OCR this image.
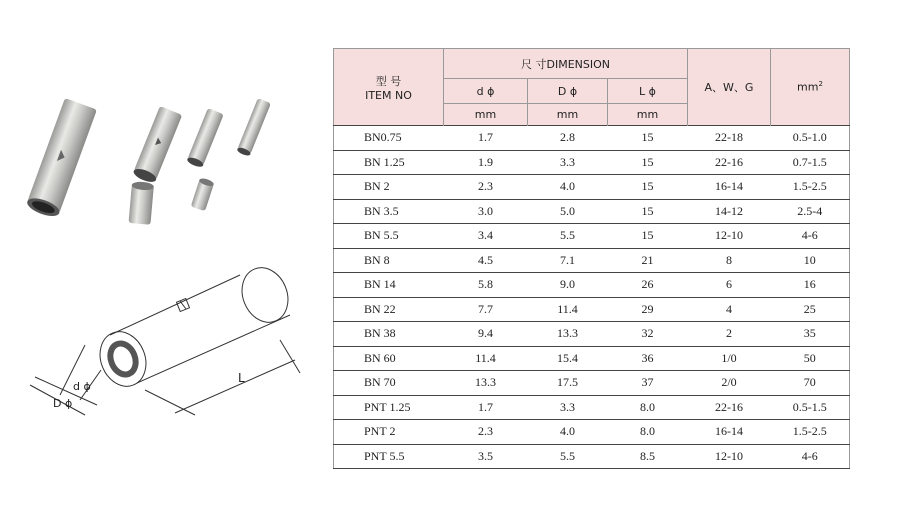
d ϕ
D ϕ
L
型 号
ITEM NO	尺 寸DIMENSION			A、W、G	$mm^2$
	d ϕ	D ϕ	L ϕ		
	mm	mm	mm		
BN0.75	1.7	2.8	15	22-18	0.5-1.0
BN 1.25	1.9	3.3	15	22-16	0.7-1.5
BN 2	2.3	4.0	15	16-14	1.5-2.5
BN 3.5	3.0	5.0	15	14-12	2.5-4
BN 5.5	3.4	5.5	15	12-10	4-6
BN 8	4.5	7.1	21	8	10
BN 14	5.8	9.0	26	6	16
BN 22	7.7	11.4	29	4	25
BN 38	9.4	13.3	32	2	35
BN 60	11.4	15.4	36	1/0	50
BN 70	13.3	17.5	37	2/0	70
PNT 1.25	1.7	3.3	8.0	22-16	0.5-1.5
PNT 2	2.3	4.0	8.0	16-14	1.5-2.5
PNT 5.5	3.5	5.5	8.5	12-10	4-6
